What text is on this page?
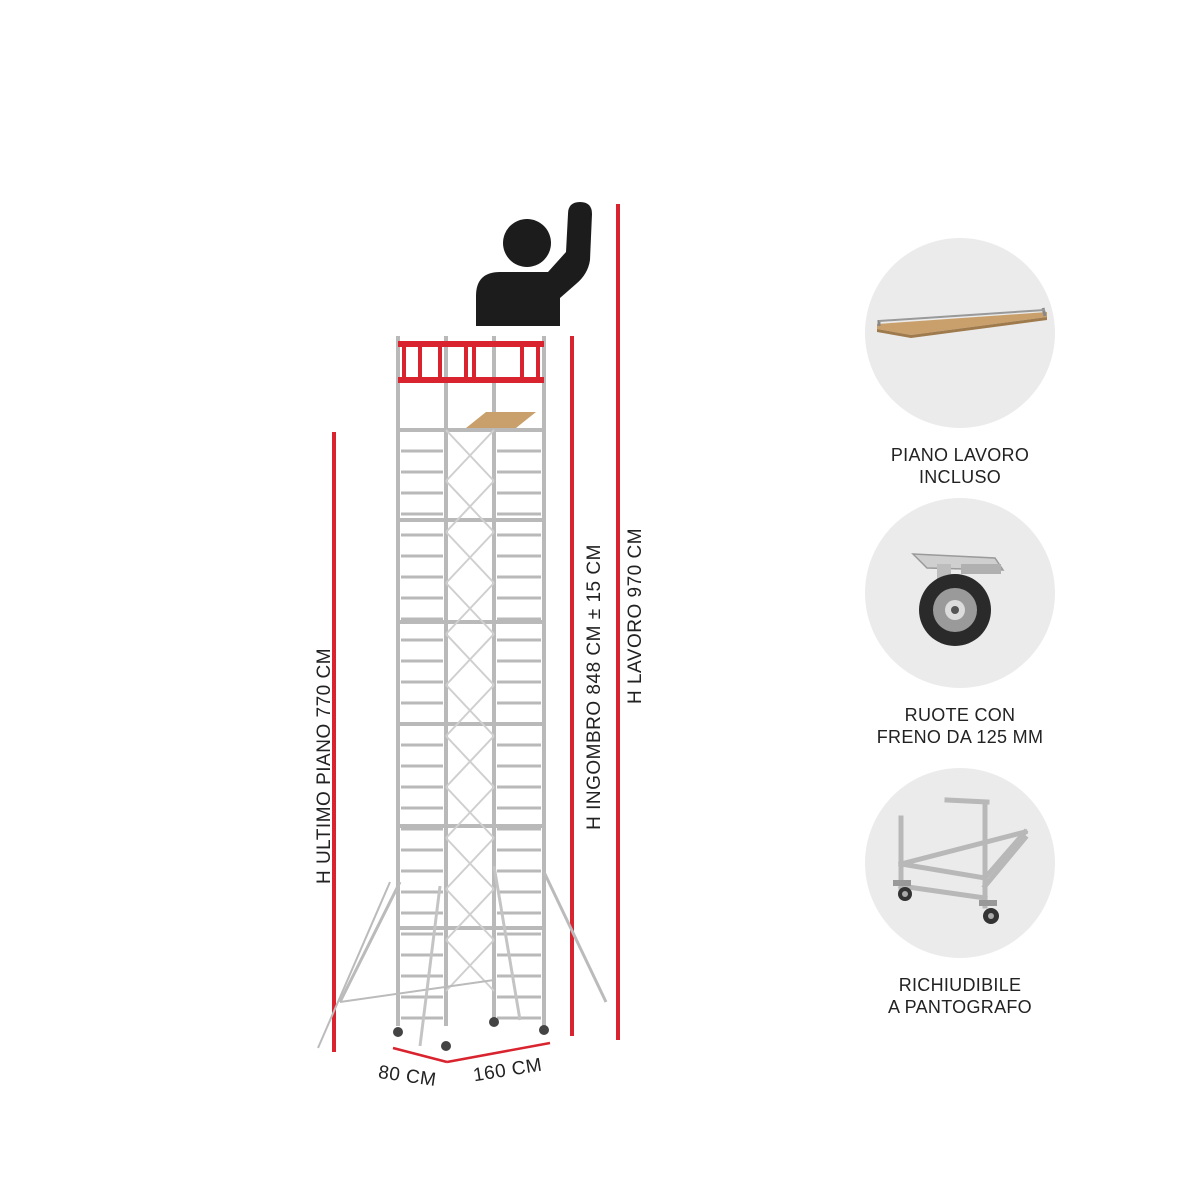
H ULTIMO PIANO 770 CM	H INGOMBRO 848 CM ± 15 CM H LAVORO 970 CM
80 CM 160 CM
PIANO LAVORO
INCLUSO
RUOTE CON
FRENO DA 125 MM
RICHIUDIBILE
A PANTOGRAFO
